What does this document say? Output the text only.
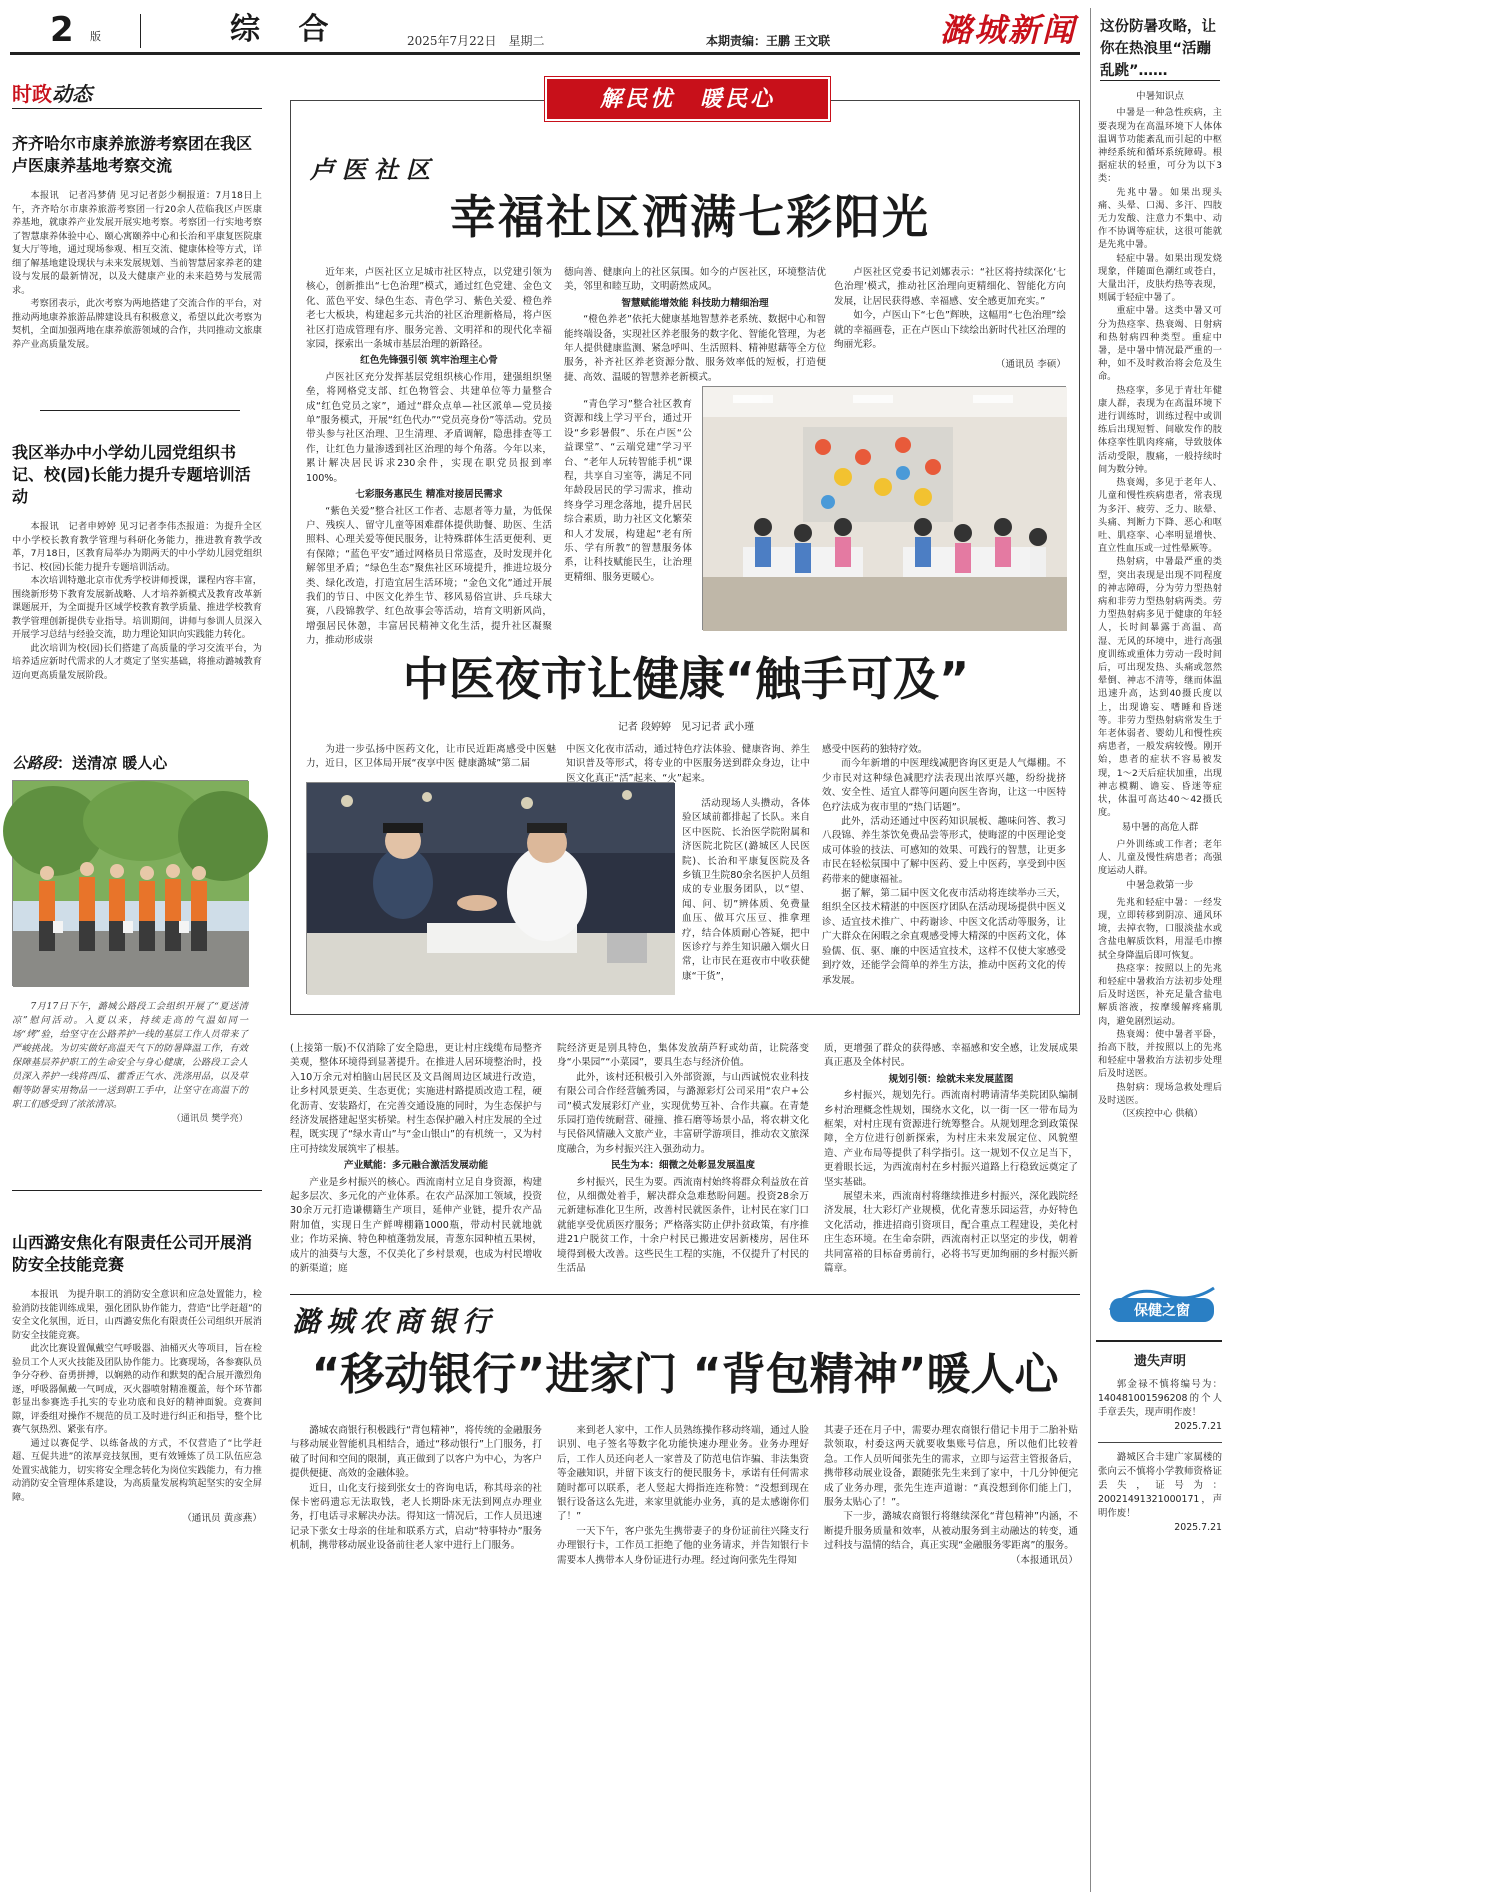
2 版	综 合	2025年7月22日　星期二	本期责编：王鹏 王文联	潞城新闻
时政动态
齐齐哈尔市康养旅游考察团在我区卢医康养基地考察交流

本报讯　记者冯梦倩 见习记者彭少桐报道：7月18日上午，齐齐哈尔市康养旅游考察团一行20余人莅临我区卢医康养基地，就康养产业发展开展实地考察。考察团一行实地考察了智慧康养体验中心、颐心寓颐养中心和长治和平康复医院康复大厅等地，通过现场参观、相互交流、健康体检等方式，详细了解基地建设现状与未来发展规划、当前智慧居家养老的建设与发展的最新情况，以及大健康产业的未来趋势与发展需求。

考察团表示，此次考察为两地搭建了交流合作的平台，对推动两地康养旅游品牌建设具有积极意义，希望以此次考察为契机，全面加强两地在康养旅游领域的合作，共同推动文旅康养产业高质量发展。

我区举办中小学幼儿园党组织书记、校(园)长能力提升专题培训活动

本报讯　记者申婷婷 见习记者李伟杰报道：为提升全区中小学校长教育教学管理与科研化务能力，推进教育教学改革，7月18日，区教育局举办为期两天的中小学幼儿园党组织书记、校(园)长能力提升专题培训活动。

本次培训特邀北京市优秀学校讲师授课，课程内容丰富，围绕新形势下教育发展新战略、人才培养新模式及教育改革新课题展开，为全面提升区域学校教育教学质量、推进学校教育教学管理创新提供专业指导。培训期间，讲师与参训人员深入开展学习总结与经验交流，助力理论知识向实践能力转化。

此次培训为校(园)长们搭建了高质量的学习交流平台，为培养适应新时代需求的人才奠定了坚实基础，将推动潞城教育迈向更高质量发展阶段。

公路段：送清凉 暖人心
7月17日下午，潞城公路段工会组织开展了“夏送清凉”慰问活动。入夏以来，持续走高的气温如同一场“烤”验，给坚守在公路养护一线的基层工作人员带来了严峻挑战。为切实做好高温天气下的防暑降温工作，有效保障基层养护职工的生命安全与身心健康，公路段工会人员深入养护一线将西瓜、藿香正气水、洗涤用品，以及草帽等防暑实用物品一一送到职工手中，让坚守在高温下的职工们感受到了浓浓清凉。
（通讯员 樊学亮）
山西潞安焦化有限责任公司开展消防安全技能竞赛

本报讯　为提升职工的消防安全意识和应急处置能力，检验消防技能训练成果，强化团队协作能力，营造“比学赶超”的安全文化氛围，近日，山西潞安焦化有限责任公司组织开展消防安全技能竞赛。

此次比赛设置佩戴空气呼吸器、油桶灭火等项目，旨在检验员工个人灭火技能及团队协作能力。比赛现场，各参赛队员争分夺秒、奋勇拼搏，以娴熟的动作和默契的配合展开激烈角逐，呼吸器佩戴一气呵成，灭火器喷射精准覆盖，每个环节都彰显出参赛选手扎实的专业功底和良好的精神面貌。竞赛间隙，评委组对操作不规范的员工及时进行纠正和指导，整个比赛气氛热烈、紧张有序。

通过以赛促学、以练备战的方式，不仅营造了“比学赶超、互促共进”的浓厚竞技氛围，更有效锤炼了员工队伍应急处置实战能力，切实将安全理念转化为岗位实践能力，有力推动消防安全管理体系建设，为高质量发展构筑起坚实的安全屏障。

（通讯员 黄彦燕）
解民忧　暖民心
卢医社区
幸福社区洒满七彩阳光

近年来，卢医社区立足城市社区特点，以党建引领为核心，创新推出“七色治理”模式，通过红色党建、金色文化、蓝色平安、绿色生态、青色学习、紫色关爱、橙色养老七大板块，构建起多元共治的社区治理新格局，将卢医社区打造成管理有序、服务完善、文明祥和的现代化幸福家园，探索出一条城市基层治理的新路径。

红色先锋强引领 筑牢治理主心骨

卢医社区充分发挥基层党组织核心作用，建强组织堡垒，将网格党支部、红色物管会、共建单位等力量整合成“红色党员之家”，通过“群众点单—社区派单—党员接单”服务模式，开展“红色代办”“党员亮身份”等活动。党员带头参与社区治理、卫生清理、矛盾调解，隐患排查等工作，让红色力量渗透到社区治理的每个角落。今年以来，累计解决居民诉求230余件，实现在职党员报到率100%。

七彩服务惠民生 精准对接居民需求

“紫色关爱”整合社区工作者、志愿者等力量，为低保户、残疾人、留守儿童等困难群体提供助餐、助医、生活照料、心理关爱等便民服务，让特殊群体生活更便利、更有保障；“蓝色平安”通过网格员日常巡查，及时发现并化解邻里矛盾；“绿色生态”聚焦社区环境提升，推进垃圾分类、绿化改造，打造宜居生活环境；“金色文化”通过开展我们的节日、中医文化养生节、移风易俗宣讲、乒乓球大赛，八段锦教学、红色故事会等活动，培育文明新风尚，增强居民休憩，丰富居民精神文化生活，提升社区凝聚力，推动形成崇

德向善、健康向上的社区氛围。如今的卢医社区，环境整洁优美，邻里和睦互助，文明蔚然成风。
智慧赋能增效能 科技助力精细治理

“橙色养老”依托大健康基地智慧养老系统、数据中心和智能终端设备，实现社区养老服务的数字化、智能化管理，为老年人提供健康监测、紧急呼叫、生活照料、精神慰藉等全方位服务，补齐社区养老资源分散、服务效率低的短板，打造便捷、高效、温暖的智慧养老新模式。

“青色学习”整合社区教育资源和线上学习平台，通过开设“乡彩暑假”、乐在卢医“公益课堂”、“云端党建”学习平台、“老年人玩转智能手机”课程，共享自习室等，满足不同年龄段居民的学习需求，推动终身学习理念落地，提升居民综合素质，助力社区文化繁荣和人才发展，构建起“老有所乐、学有所教”的智慧服务体系，让科技赋能民生，让治理更精细、服务更暖心。

卢医社区党委书记刘娜表示：“社区将持续深化‘七色治理’模式，推动社区治理向更精细化、智能化方向发展，让居民获得感、幸福感、安全感更加充实。”

如今，卢医山下“七色”辉映，这幅用“七色治理”绘就的幸福画卷，正在卢医山下续绘出新时代社区治理的绚丽光彩。

（通讯员 李硕）
中医夜市让健康“触手可及”
记者 段婷婷　见习记者 武小瑾

为进一步弘扬中医药文化，让市民近距离感受中医魅力，近日，区卫体局开展“夜享中医 健康潞城”第二届

中医文化夜市活动，通过特色疗法体验、健康咨询、养生知识普及等形式，将专业的中医服务送到群众身边，让中医文化真正“活”起来、“火”起来。

活动现场人头攒动，各体验区域前都排起了长队。来自区中医院、长治医学院附属和济医院北院区(潞城区人民医院)、长治和平康复医院及各乡镇卫生院80余名医护人员组成的专业服务团队，以“望、闻、问、切”辨体质、免费量血压、做耳穴压豆、推拿理疗，结合体质耐心答疑，把中医诊疗与养生知识融入烟火日常，让市民在逛夜市中收获健康“干货”，

感受中医药的独特疗效。

而今年新增的中医理线减肥咨询区更是人气爆棚。不少市民对这种绿色减肥疗法表现出浓厚兴趣，纷纷拢挤效、安全性、适宜人群等问题向医生咨询，让这一中医特色疗法成为夜市里的“热门话题”。

此外，活动还通过中医药知识展板、趣味问答、教习八段锦、养生茶饮免费品尝等形式，使晦涩的中医理论变成可体验的技法、可感知的效果、可践行的智慧，让更多市民在轻松氛围中了解中医药、爱上中医药，享受到中医药带来的健康福祉。

据了解，第二届中医文化夜市活动将连续举办三天，组织全区技术精湛的中医医疗团队在活动现场提供中医义诊、适宜技术推广、中药谢诊、中医文化活动等服务，让广大群众在闲暇之余直观感受博大精深的中医药文化，体验儒、佤、驱、廉的中医适宜技术，这样不仅使大家感受到疗效，还能学会简单的养生方法，推动中医药文化的传承发展。

(上接第一版)不仅消除了安全隐患，更让村庄线缆布局整齐美观，整体环境得到显著提升。在推进人居环境整治时，投入10万余元对柏脑山居民区及文昌阁周边区域进行改造，让乡村风景更美、生态更优；实施进村路提质改造工程，硬化沥青、安装路灯，在完善交通设施的同时，为生态保护与经济发展搭建起坚实桥梁。村生态保护融入村庄发展的全过程，既实现了“绿水青山”与“金山银山”的有机统一，又为村庄可持续发展筑牢了根基。
产业赋能：多元融合激活发展动能

产业是乡村振兴的核心。西流南村立足自身资源，构建起多层次、多元化的产业体系。在农产品深加工领域，投资30余万元打造谦棚籍生产项目，延伸产业链，提升农产品附加值，实现日生产鲜啤棚籍1000瓶，带动村民就地就业；作坊采摘、特色种植蓬勃发展，青葱东园种植五果树，成片的油葵与大葱，不仅美化了乡村景观，也成为村民增收的新渠道；庭

院经济更是别具特色，集体发放葫芦籽或幼苗，让院落变身“小果园”“小菜园”，要具生态与经济价值。

此外，该村还积极引入外部资源，与山西诚悦农业科技有限公司合作经营毓秀园，与潞源彩灯公司采用“农户+公司”模式发展彩灯产业，实现优势互补、合作共赢。在青楚乐园打造传统耐营、碰撞、推石磨等场景小品，将农耕文化与民俗风情融入文旅产业，丰富研学游项目，推动农文旅深度融合，为乡村振兴注入强劲动力。

民生为本：细微之处彰显发展温度

乡村振兴，民生为要。西流南村始终将群众利益放在首位，从细微处着手，解决群众急难愁盼问题。投资28余万元新建标准化卫生所，改善村民就医条件，让村民在家门口就能享受优质医疗服务；严格落实防止伊扑贫政策，有序推进21户脱贫工作，十余户村民已搬进安居新楼房，居住环境得到极大改善。这些民生工程的实施，不仅提升了村民的生活品

质，更增强了群众的获得感、幸福感和安全感，让发展成果真正惠及全体村民。
规划引领：绘就未来发展蓝图

乡村振兴，规划先行。西流南村聘请清华美院团队编制乡村治理概念性规划，围绕水文化，以一街一区一带布局为框架，对村庄现有资源进行统筹整合。从规划理念到政策保障，全方位进行创新探索，为村庄未来发展定位、风貌塑造、产业布局等提供了科学指引。这一规划不仅立足当下，更着眼长远，为西流南村在乡村振兴道路上行稳致远奠定了坚实基础。

展望未来，西流南村将继续推进乡村振兴，深化践院经济发展，壮大彩灯产业规模，优化青葱乐园运营，办好特色文化活动，推进招商引资项目，配合重点工程建设，美化村庄生态环境。在生命奈阱，西流南村正以坚定的步伐，朝着共同富裕的目标奋勇前行，必将书写更加绚丽的乡村振兴新篇章。

潞城农商银行
“移动银行”进家门 “背包精神”暖人心

潞城农商银行积极践行“背包精神”，将传统的金融服务与移动展业智能机具相结合，通过“移动银行”上门服务，打破了时间和空间的限制，真正做到了以客户为中心，为客户提供便捷、高效的金融体验。

近日，山化支行接到张女士的咨询电话，称其母亲的社保卡密码遗忘无法取钱，老人长期卧床无法到网点办理业务，打电话寻求解决办法。得知这一情况后，工作人员迅速记录下张女士母亲的住址和联系方式，启动“特事特办”服务机制，携带移动展业设备前往老人家中进行上门服务。

来到老人家中，工作人员熟练操作移动终端，通过人脸识别、电子签名等数字化功能快速办理业务。业务办理好后，工作人员还向老人一家普及了防范电信诈骗、非法集资等金融知识，并留下该支行的便民服务卡，承诺有任何需求随时都可以联系，老人竖起大拇指连连称赞：“没想到现在银行设备这么先进，来家里就能办业务，真的是太感谢你们了！”

一天下午，客户张先生携带妻子的身份证前往兴隆支行办理银行卡，工作员工拒绝了他的业务请求，并告知银行卡需要本人携带本人身份证进行办理。经过询问张先生得知

其妻子还在月子中，需要办理农商银行借记卡用于二胎补贴款领取，村委这两天就要收集账号信息，所以他们比较着急。工作人员听闻张先生的需求，立即与运营主管报备后，携带移动展业设备，跟随张先生来到了家中，十几分钟便完成了业务办理，张先生连声道谢：“真没想到你们能上门，服务太贴心了！”。

下一步，潞城农商银行将继续深化“背包精神”内涵，不断提升服务质量和效率，从被动服务到主动融达的转变，通过科技与温情的结合，真正实现“金融服务零距离”的服务。

（本报通讯员）
这份防暑攻略，让你在热浪里“活蹦乱跳”……
中暑知识点

中暑是一种急性疾病，主要表现为在高温环境下人体体温调节功能紊乱而引起的中枢神经系统和循环系统障碍。根据症状的轻重，可分为以下3类：

先兆中暑。如果出现头痛、头晕、口渴、多汗、四肢无力发酸、注意力不集中、动作不协调等症状，这很可能就是先兆中暑。

轻症中暑。如果出现发烧现象，伴随面色潮红或苍白，大量出汗，皮肤灼热等表现，则属于轻症中暑了。

重症中暑。这类中暑又可分为热痉挛、热衰竭、日射病和热射病四种类型。重症中暑，是中暑中情况最严重的一种，如不及时救治将会危及生命。

热痉挛，多见于青壮年健康人群，表现为在高温环境下进行训练时，训练过程中或训练后出现短暂、间歇发作的肢体痉挛性肌肉疼痛，导致肢体活动受限，腹痛，一般持续时间为数分钟。

热衰竭，多见于老年人、儿童和慢性疾病患者，常表现为多汗、疲劳、乏力、眩晕、头痛、判断力下降、恶心和呕吐、肌痉挛、心率明显增快、直立性血压或一过性晕厥等。

热射病，中暑最严重的类型，突出表现是出现不同程度的神志障碍，分为劳力型热射病和非劳力型热射病两类。劳力型热射病多见于健康的年轻人，长时间暴露于高温、高湿、无风的环境中，进行高强度训练或重体力劳动一段时间后，可出现发热、头痛或忽然晕倒、神志不清等，继而体温迅速升高，达到40摄氏度以上，出现谵妄、嗜睡和昏迷等。非劳力型热射病常发生于年老体弱者、婴幼儿和慢性疾病患者，一般发病较慢。刚开始，患者的症状不容易被发现，1～2天后症状加重，出现神志模糊、谵妄、昏迷等症状，体温可高达40～42摄氏度。

易中暑的高危人群

户外训练或工作者；老年人、儿童及慢性病患者；高强度运动人群。

中暑急救第一步

先兆和轻症中暑：一经发现，立即转移到阴凉、通风环境，去掉衣物，口服淡盐水或含盐电解质饮料，用湿毛巾擦拭全身降温后即可恢复。

热痉挛：按照以上的先兆和轻症中暑救治方法初步处理后及时送医，补充足量含盐电解质溶液，按摩缓解疼痛肌肉，避免剧烈运动。

热衰竭：使中暑者平卧，抬高下肢，并按照以上的先兆和轻症中暑救治方法初步处理后及时送医。

热射病：现场急救处理后及时送医。

（区疾控中心 供稿）
保健之窗
遗失声明

郭金禄不慎将编号为：140481001596208的个人手章丢失，现声明作废！

2025.7.21

潞城区合丰建广家属楼的张向云不慎将小学教师资格证丢失，证号为：20021491321000171，声明作废！

2025.7.21
